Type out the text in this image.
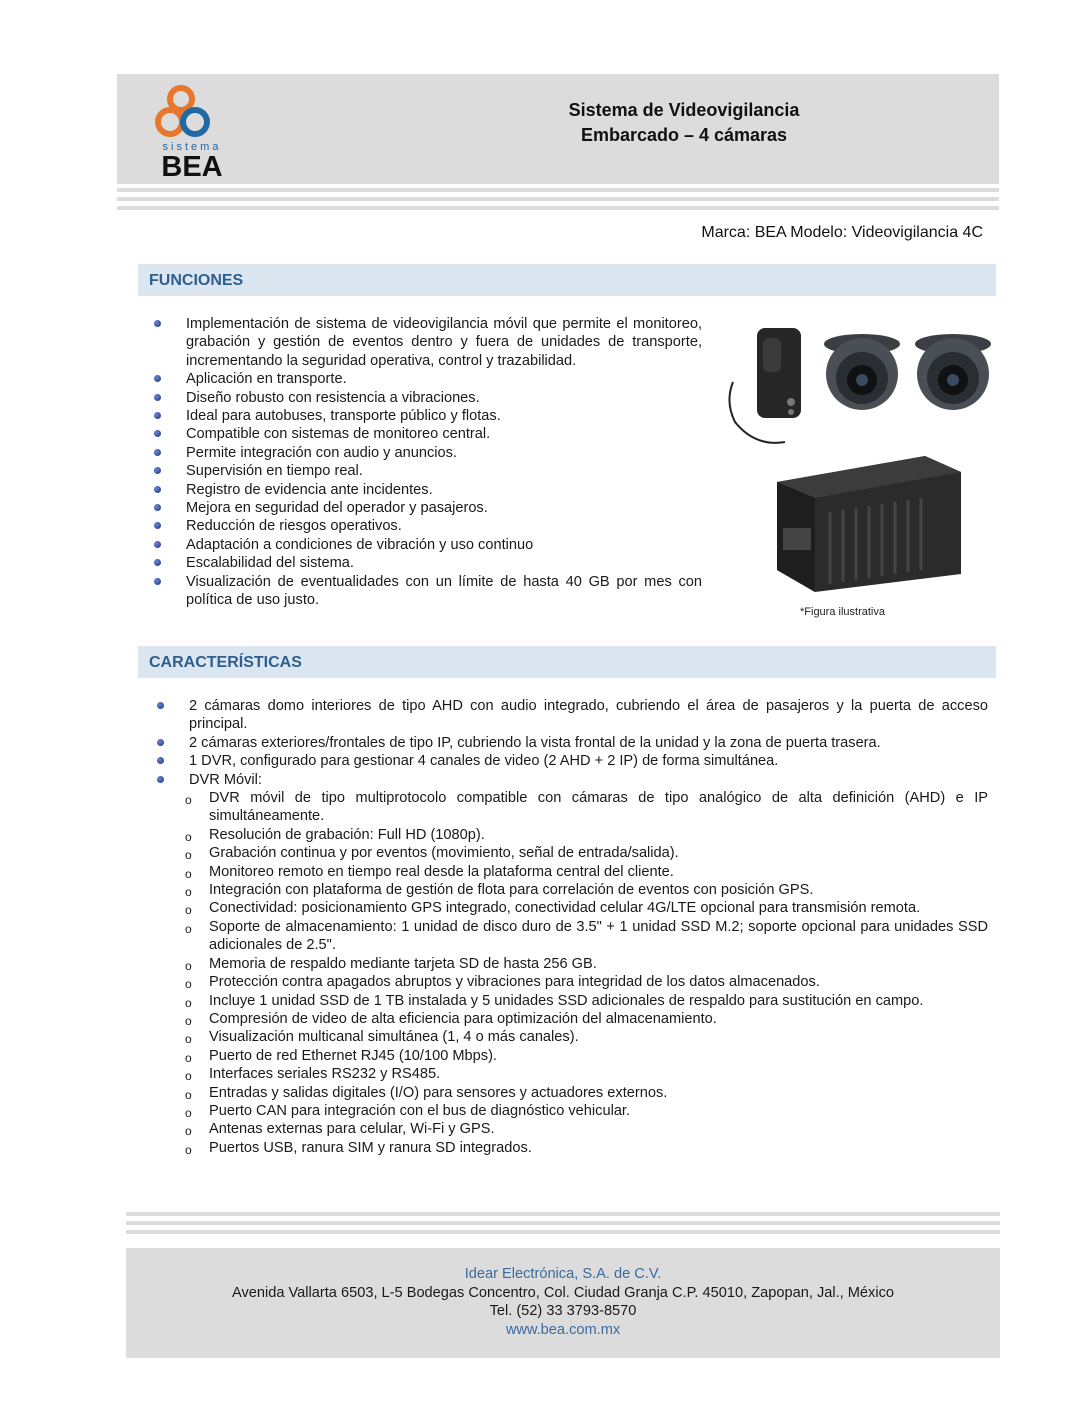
sistema
BEA
Sistema de Videovigilancia
Embarcado – 4 cámaras
Marca: BEA Modelo: Videovigilancia 4C
FUNCIONES
Implementación de sistema de videovigilancia móvil que permite el monitoreo, grabación y gestión de eventos dentro y fuera de unidades de transporte, incrementando la seguridad operativa, control y trazabilidad.
Aplicación en transporte.
Diseño robusto con resistencia a vibraciones.
Ideal para autobuses, transporte público y flotas.
Compatible con sistemas de monitoreo central.
Permite integración con audio y anuncios.
Supervisión en tiempo real.
Registro de evidencia ante incidentes.
Mejora en seguridad del operador y pasajeros.
Reducción de riesgos operativos.
Adaptación a condiciones de vibración y uso continuo
Escalabilidad del sistema.
Visualización de eventualidades con un límite de hasta 40 GB por mes con política de uso justo.
*Figura ilustrativa
CARACTERÍSTICAS
2 cámaras domo interiores de tipo AHD con audio integrado, cubriendo el área de pasajeros y la puerta de acceso principal.
2 cámaras exteriores/frontales de tipo IP, cubriendo la vista frontal de la unidad y la zona de puerta trasera.
1 DVR, configurado para gestionar 4 canales de video (2 AHD + 2 IP) de forma simultánea.
DVR Móvil:
o DVR móvil de tipo multiprotocolo compatible con cámaras de tipo analógico de alta definición (AHD) e IP simultáneamente.
o Resolución de grabación: Full HD (1080p).
o Grabación continua y por eventos (movimiento, señal de entrada/salida).
o Monitoreo remoto en tiempo real desde la plataforma central del cliente.
o Integración con plataforma de gestión de flota para correlación de eventos con posición GPS.
o Conectividad: posicionamiento GPS integrado, conectividad celular 4G/LTE opcional para transmisión remota.
o Soporte de almacenamiento: 1 unidad de disco duro de 3.5" + 1 unidad SSD M.2; soporte opcional para unidades SSD adicionales de 2.5".
o Memoria de respaldo mediante tarjeta SD de hasta 256 GB.
o Protección contra apagados abruptos y vibraciones para integridad de los datos almacenados.
o Incluye 1 unidad SSD de 1 TB instalada y 5 unidades SSD adicionales de respaldo para sustitución en campo.
o Compresión de video de alta eficiencia para optimización del almacenamiento.
o Visualización multicanal simultánea (1, 4 o más canales).
o Puerto de red Ethernet RJ45 (10/100 Mbps).
o Interfaces seriales RS232 y RS485.
o Entradas y salidas digitales (I/O) para sensores y actuadores externos.
o Puerto CAN para integración con el bus de diagnóstico vehicular.
o Antenas externas para celular, Wi-Fi y GPS.
o Puertos USB, ranura SIM y ranura SD integrados.
Idear Electrónica, S.A. de C.V.
Avenida Vallarta 6503, L-5 Bodegas Concentro, Col. Ciudad Granja C.P. 45010, Zapopan, Jal., México
Tel. (52) 33 3793-8570
www.bea.com.mx
